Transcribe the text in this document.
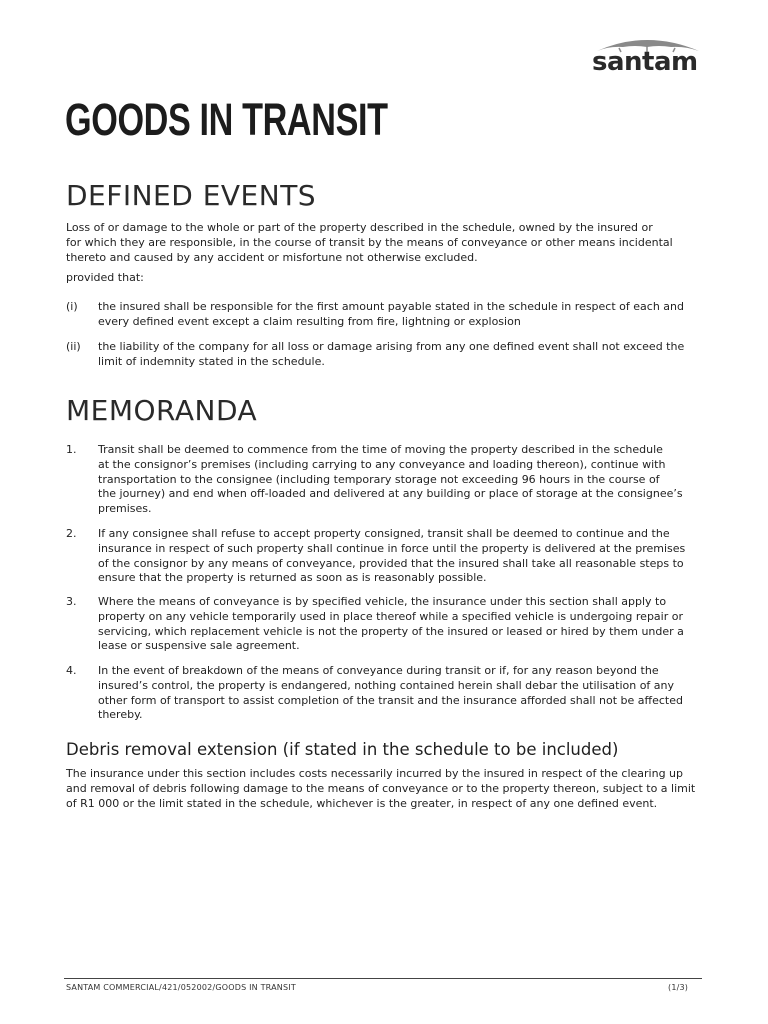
santam
GOODS IN TRANSIT
DEFINED EVENTS
Loss of or damage to the whole or part of the property described in the schedule, owned by the insured or
for which they are responsible, in the course of transit by the means of conveyance or other means incidental
thereto and caused by any accident or misfortune not otherwise excluded.
provided that:
(i) the insured shall be responsible for the first amount payable stated in the schedule in respect of each and
every defined event except a claim resulting from fire, lightning or explosion
(ii) the liability of the company for all loss or damage arising from any one defined event shall not exceed the
limit of indemnity stated in the schedule.
MEMORANDA
1. Transit shall be deemed to commence from the time of moving the property described in the schedule
at the consignor’s premises (including carrying to any conveyance and loading thereon), continue with
transportation to the consignee (including temporary storage not exceeding 96 hours in the course of
the journey) and end when off-loaded and delivered at any building or place of storage at the consignee’s
premises.
2. If any consignee shall refuse to accept property consigned, transit shall be deemed to continue and the
insurance in respect of such property shall continue in force until the property is delivered at the premises
of the consignor by any means of conveyance, provided that the insured shall take all reasonable steps to
ensure that the property is returned as soon as is reasonably possible.
3. Where the means of conveyance is by specified vehicle, the insurance under this section shall apply to
property on any vehicle temporarily used in place thereof while a specified vehicle is undergoing repair or
servicing, which replacement vehicle is not the property of the insured or leased or hired by them under a
lease or suspensive sale agreement.
4. In the event of breakdown of the means of conveyance during transit or if, for any reason beyond the
insured’s control, the property is endangered, nothing contained herein shall debar the utilisation of any
other form of transport to assist completion of the transit and the insurance afforded shall not be affected
thereby.
Debris removal extension (if stated in the schedule to be included)
The insurance under this section includes costs necessarily incurred by the insured in respect of the clearing up
and removal of debris following damage to the means of conveyance or to the property thereon, subject to a limit
of R1 000 or the limit stated in the schedule, whichever is the greater, in respect of any one defined event.
SANTAM COMMERCIAL/421/052002/GOODS IN TRANSIT	(1/3)
